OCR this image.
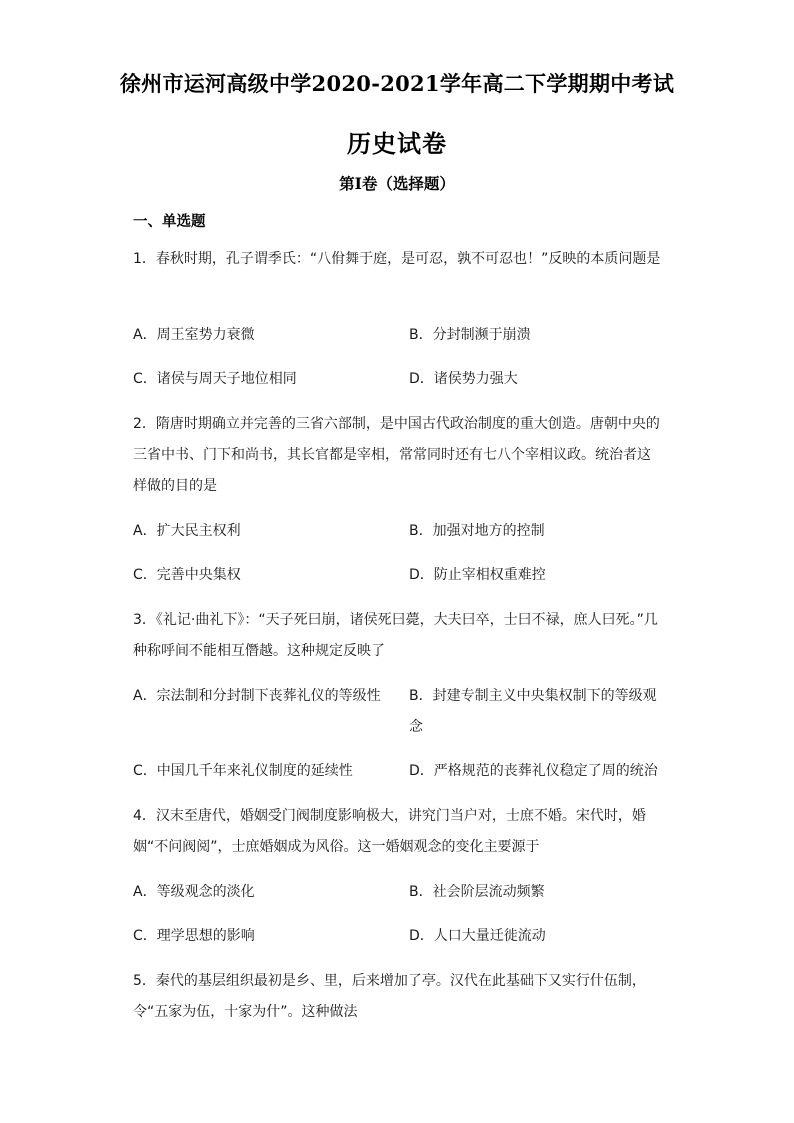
徐州市运河高级中学2020-2021学年高二下学期期中考试
历史试卷
第I卷（选择题）
一、单选题
1．春秋时期，孔子谓季氏：“八佾舞于庭，是可忍，孰不可忍也！”反映的本质问题是
A．周王室势力衰微	B．分封制濒于崩溃
C．诸侯与周天子地位相同	D．诸侯势力强大
2．隋唐时期确立并完善的三省六部制，是中国古代政治制度的重大创造。唐朝中央的三省中书、门下和尚书，其长官都是宰相，常常同时还有七八个宰相议政。统治者这样做的目的是
A．扩大民主权利	B．加强对地方的控制
C．完善中央集权	D．防止宰相权重难控
3．《礼记·曲礼下》：“天子死曰崩，诸侯死曰薨，大夫曰卒，士曰不禄，庶人曰死。”几种称呼间不能相互僭越。这种规定反映了
A．宗法制和分封制下丧葬礼仪的等级性	B．封建专制主义中央集权制下的等级观念
C．中国几千年来礼仪制度的延续性	D．严格规范的丧葬礼仪稳定了周的统治
4．汉末至唐代，婚姻受门阀制度影响极大，讲究门当户对，士庶不婚。宋代时，婚姻“不问阀阅”，士庶婚姻成为风俗。这一婚姻观念的变化主要源于
A．等级观念的淡化	B．社会阶层流动频繁
C．理学思想的影响	D．人口大量迁徙流动
5．秦代的基层组织最初是乡、里，后来增加了亭。汉代在此基础下又实行什伍制，令“五家为伍，十家为什”。这种做法
